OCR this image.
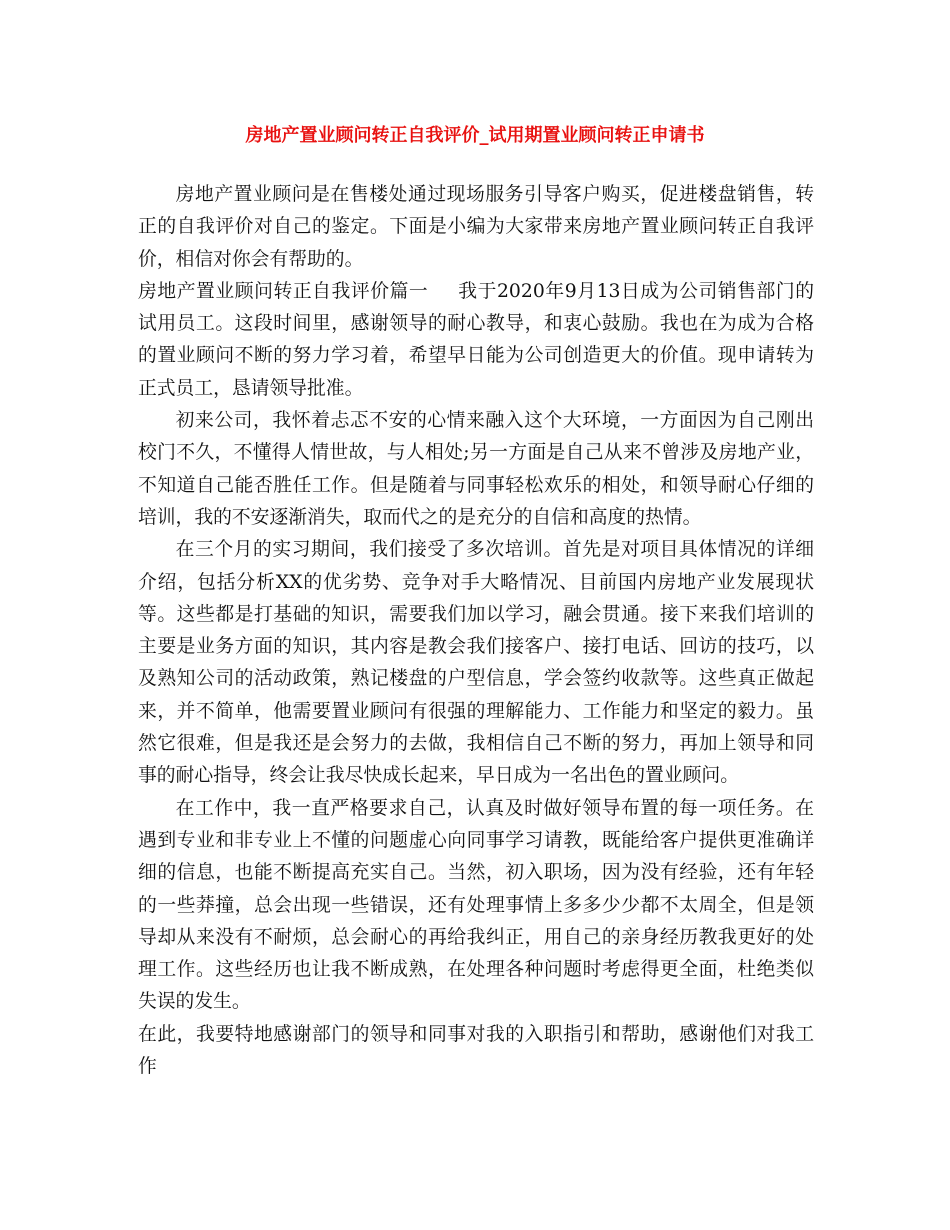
房地产置业顾问转正自我评价_试用期置业顾问转正申请书

房地产置业顾问是在售楼处通过现场服务引导客户购买，促进楼盘销售，转正的自我评价对自己的鉴定。下面是小编为大家带来房地产置业顾问转正自我评价，相信对你会有帮助的。

房地产置业顾问转正自我评价篇一 我于2020年9月13日成为公司销售部门的试用员工。这段时间里，感谢领导的耐心教导，和衷心鼓励。我也在为成为合格的置业顾问不断的努力学习着，希望早日能为公司创造更大的价值。现申请转为正式员工，恳请领导批准。

初来公司，我怀着忐忑不安的心情来融入这个大环境，一方面因为自己刚出校门不久，不懂得人情世故，与人相处;另一方面是自己从来不曾涉及房地产业，不知道自己能否胜任工作。但是随着与同事轻松欢乐的相处，和领导耐心仔细的培训，我的不安逐渐消失，取而代之的是充分的自信和高度的热情。

在三个月的实习期间，我们接受了多次培训。首先是对项目具体情况的详细介绍，包括分析XX的优劣势、竞争对手大略情况、目前国内房地产业发展现状等。这些都是打基础的知识，需要我们加以学习，融会贯通。接下来我们培训的主要是业务方面的知识，其内容是教会我们接客户、接打电话、回访的技巧，以及熟知公司的活动政策，熟记楼盘的户型信息，学会签约收款等。这些真正做起来，并不简单，他需要置业顾问有很强的理解能力、工作能力和坚定的毅力。虽然它很难，但是我还是会努力的去做，我相信自己不断的努力，再加上领导和同事的耐心指导，终会让我尽快成长起来，早日成为一名出色的置业顾问。

在工作中，我一直严格要求自己，认真及时做好领导布置的每一项任务。在遇到专业和非专业上不懂的问题虚心向同事学习请教，既能给客户提供更准确详细的信息，也能不断提高充实自己。当然，初入职场，因为没有经验，还有年轻的一些莽撞，总会出现一些错误，还有处理事情上多多少少都不太周全，但是领导却从来没有不耐烦，总会耐心的再给我纠正，用自己的亲身经历教我更好的处理工作。这些经历也让我不断成熟，在处理各种问题时考虑得更全面，杜绝类似失误的发生。

在此，我要特地感谢部门的领导和同事对我的入职指引和帮助，感谢他们对我工作
